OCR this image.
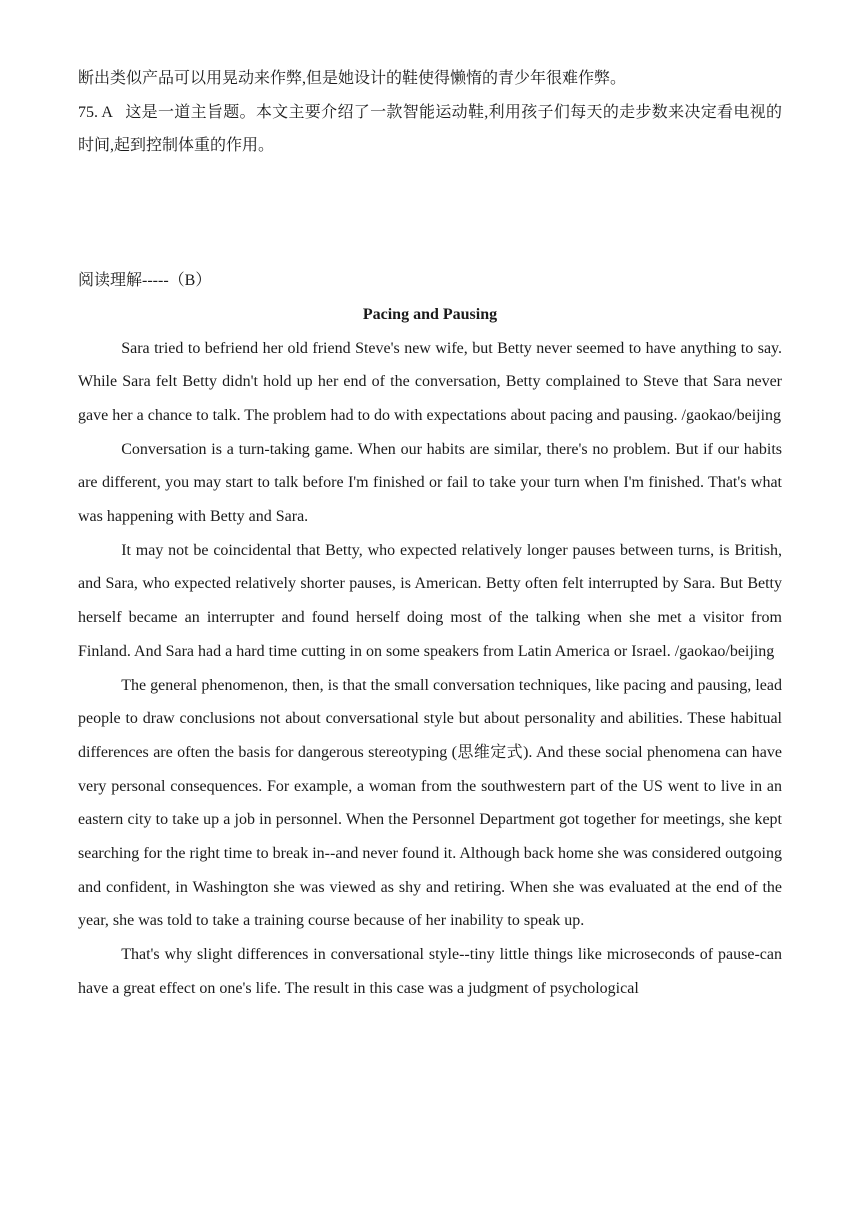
断出类似产品可以用晃动来作弊,但是她设计的鞋使得懒惰的青少年很难作弊。

75. A 这是一道主旨题。本文主要介绍了一款智能运动鞋,利用孩子们每天的走步数来决定看电视的时间,起到控制体重的作用。

阅读理解-----（B）

Pacing and Pausing

Sara tried to befriend her old friend Steve's new wife, but Betty never seemed to have anything to say. While Sara felt Betty didn't hold up her end of the conversation, Betty complained to Steve that Sara never gave her a chance to talk. The problem had to do with expectations about pacing and pausing. /gaokao/beijing

Conversation is a turn-taking game. When our habits are similar, there's no problem. But if our habits are different, you may start to talk before I'm finished or fail to take your turn when I'm finished. That's what was happening with Betty and Sara.

It may not be coincidental that Betty, who expected relatively longer pauses between turns, is British, and Sara, who expected relatively shorter pauses, is American. Betty often felt interrupted by Sara. But Betty herself became an interrupter and found herself doing most of the talking when she met a visitor from Finland. And Sara had a hard time cutting in on some speakers from Latin America or Israel. /gaokao/beijing

The general phenomenon, then, is that the small conversation techniques, like pacing and pausing, lead people to draw conclusions not about conversational style but about personality and abilities. These habitual differences are often the basis for dangerous stereotyping (思维定式). And these social phenomena can have very personal consequences. For example, a woman from the southwestern part of the US went to live in an eastern city to take up a job in personnel. When the Personnel Department got together for meetings, she kept searching for the right time to break in--and never found it. Although back home she was considered outgoing and confident, in Washington she was viewed as shy and retiring. When she was evaluated at the end of the year, she was told to take a training course because of her inability to speak up.

That's why slight differences in conversational style--tiny little things like microseconds of pause-can have a great effect on one's life. The result in this case was a judgment of psychological
